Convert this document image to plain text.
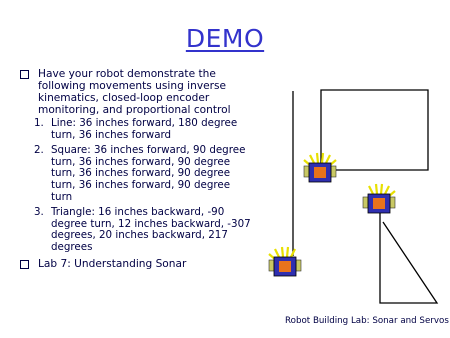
DEMO
Have your robot demonstrate the following movements using inverse kinematics, closed-loop encoder monitoring, and proportional control
1. Line: 36 inches forward, 180 degree turn, 36 inches forward
2. Square: 36 inches forward, 90 degree turn, 36 inches forward, 90 degree turn, 36 inches forward, 90 degree turn, 36 inches forward, 90 degree turn
3. Triangle: 16 inches backward, -90 degree turn, 12 inches backward, -307 degrees, 20 inches backward, 217 degrees
Lab 7: Understanding Sonar
Robot Building Lab: Sonar and Servos
